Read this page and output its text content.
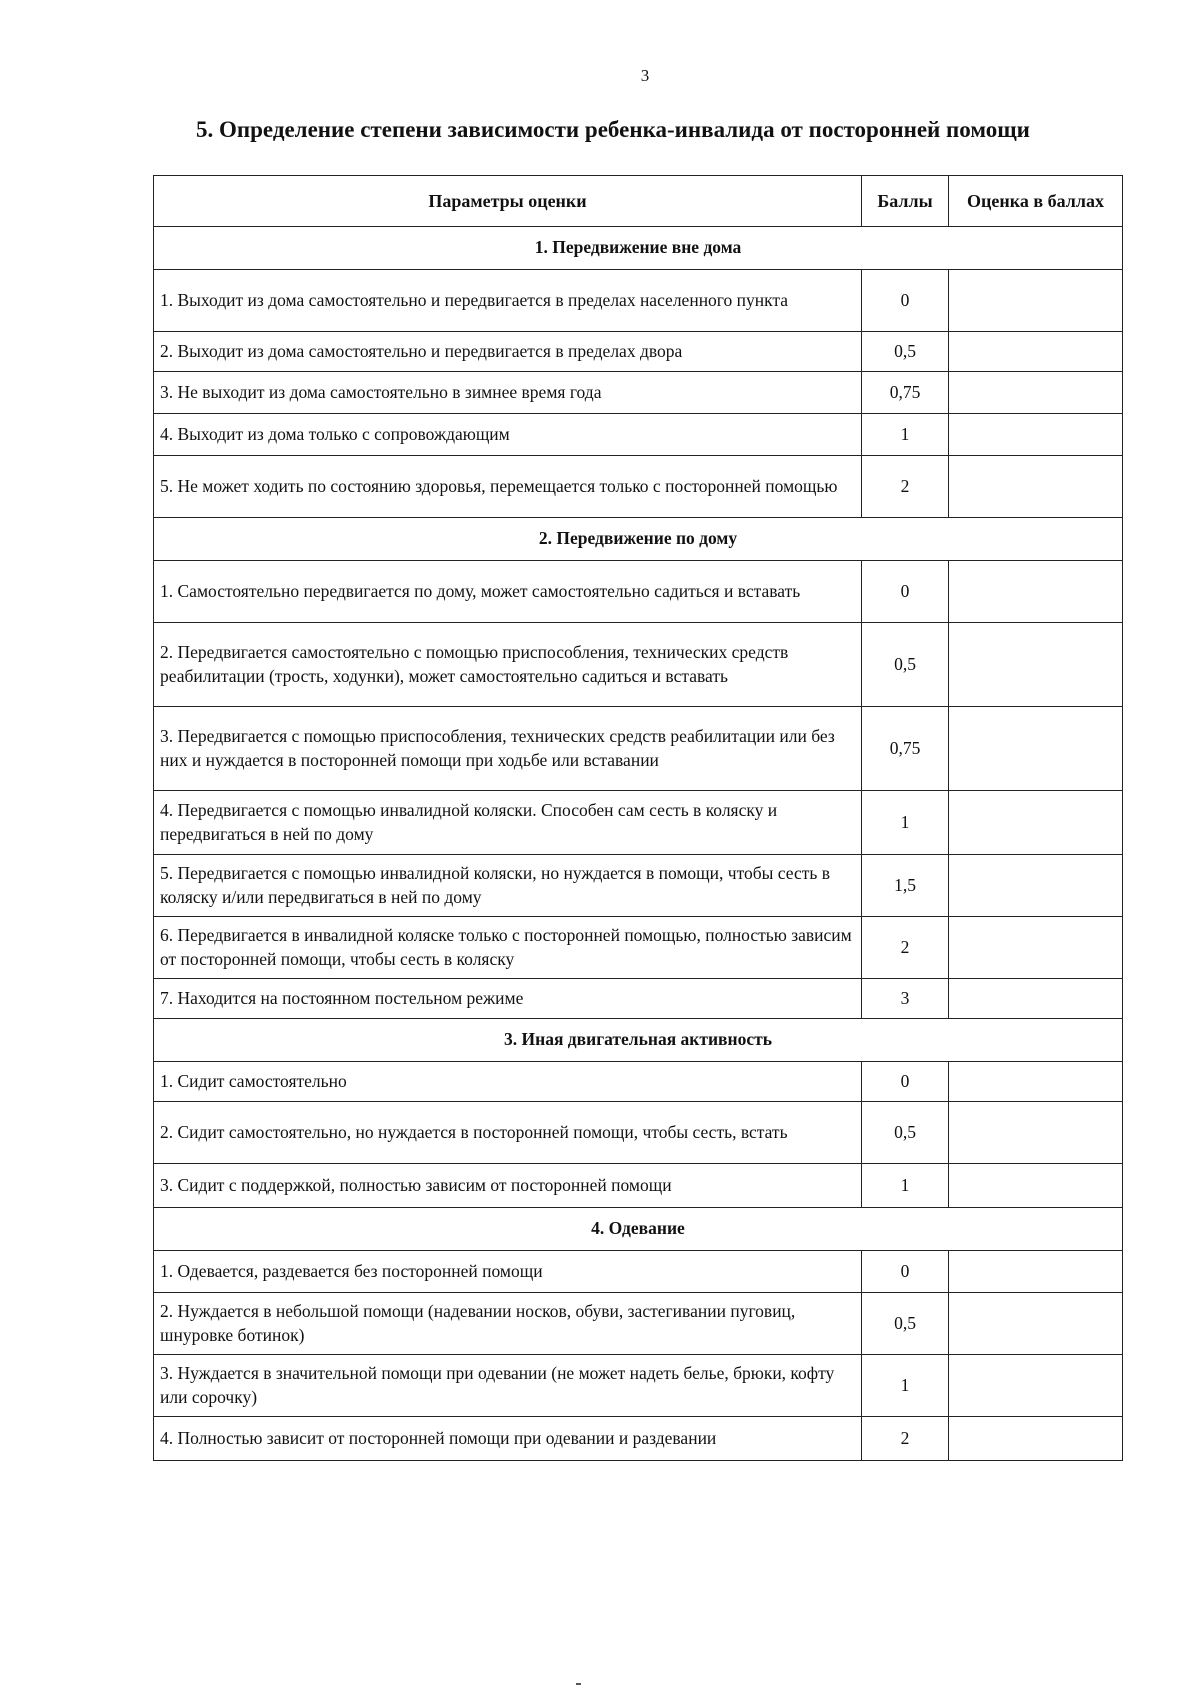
3
5. Определение степени зависимости ребенка-инвалида от посторонней помощи
Параметры оценки	Баллы	Оценка в баллах
1. Передвижение вне дома		
1. Выходит из дома самостоятельно и передвигается в пределах населенного пункта	0	
2. Выходит из дома самостоятельно и передвигается в пределах двора	0,5	
3. Не выходит из дома самостоятельно в зимнее время года	0,75	
4. Выходит из дома только с сопровождающим	1	
5. Не может ходить по состоянию здоровья, перемещается только с посторонней помощью	2	
2. Передвижение по дому		
1. Самостоятельно передвигается по дому, может самостоятельно садиться и вставать	0	
2. Передвигается самостоятельно с помощью приспособления, технических средств реабилитации (трость, ходунки), может самостоятельно садиться и вставать	0,5	
3. Передвигается с помощью приспособления, технических средств реабилитации или без них и нуждается в посторонней помощи при ходьбе или вставании	0,75	
4. Передвигается с помощью инвалидной коляски. Способен сам сесть в коляску и передвигаться в ней по дому	1	
5. Передвигается с помощью инвалидной коляски, но нуждается в помощи, чтобы сесть в коляску и/или передвигаться в ней по дому	1,5	
6. Передвигается в инвалидной коляске только с посторонней помощью, полностью зависим от посторонней помощи, чтобы сесть в коляску	2	
7. Находится на постоянном постельном режиме	3	
3. Иная двигательная активность		
1. Сидит самостоятельно	0	
2. Сидит самостоятельно, но нуждается в посторонней помощи, чтобы сесть, встать	0,5	
3. Сидит с поддержкой, полностью зависим от посторонней помощи	1	
4. Одевание		
1. Одевается, раздевается без посторонней помощи	0	
2. Нуждается в небольшой помощи (надевании носков, обуви, застегивании пуговиц, шнуровке ботинок)	0,5	
3. Нуждается в значительной помощи при одевании (не может надеть белье, брюки, кофту или сорочку)	1	
4. Полностью зависит от посторонней помощи при одевании и раздевании	2	
